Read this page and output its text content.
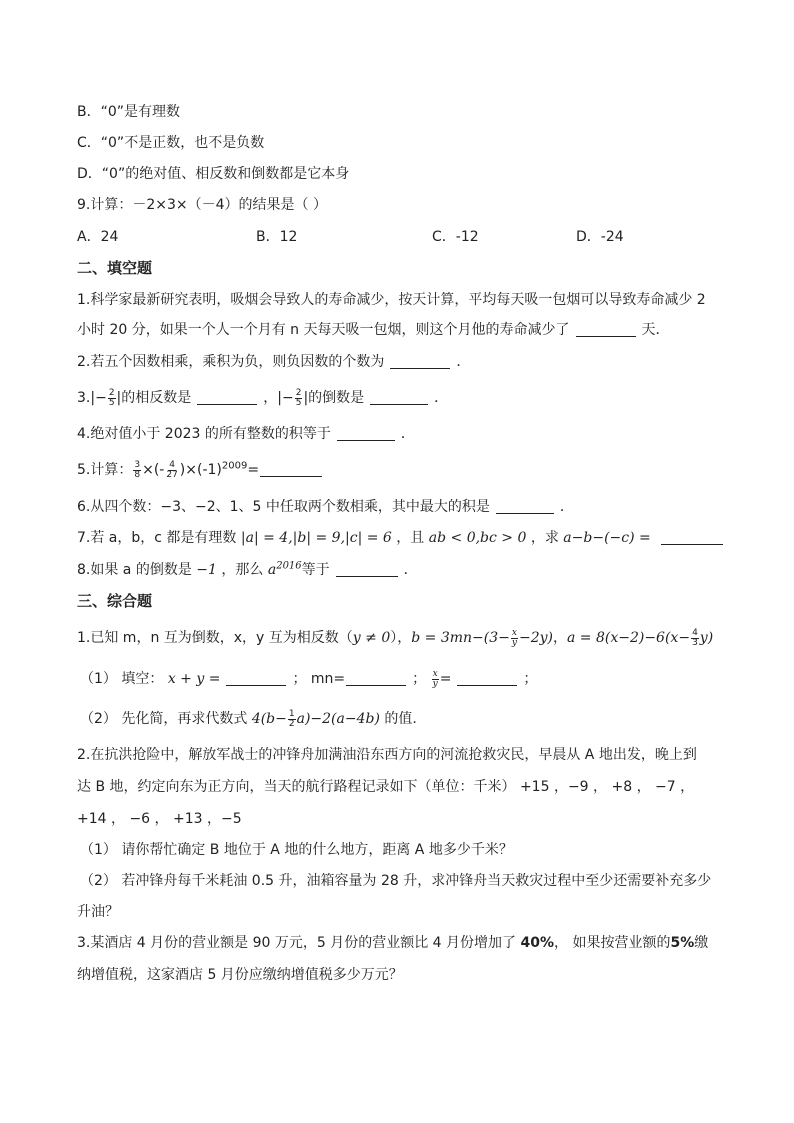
B．“0”是有理数
C．“0”不是正数，也不是负数
D．“0”的绝对值、相反数和倒数都是它本身
9.计算：－2×3×（－4）的结果是（ ）
A．24	B．12	C．-12	D．-24
二、填空题
1.科学家最新研究表明，吸烟会导致人的寿命减少，按天计算，平均每天吸一包烟可以导致寿命减少 2
小时 20 分，如果一个人一个月有 n 天每天吸一包烟，则这个月他的寿命减少了	天．
2.若五个因数相乘，乘积为负，则负因数的个数为	．
$3.|- \frac{2}{5}$ |的相反数是	，|− $\frac{2}{5}$ |的倒数是	．
4.绝对值小于 2023 的所有整数的积等于	．
5.计算： $\frac{3}{8}$ ×(- $\frac{4}{27} )\times(-1)^{2009}=$
6.从四个数：−3、−2、1、5 中任取两个数相乘，其中最大的积是	．
7.若 a，b，c 都是有理数 |a| = 4,|b| = 9,|c| = 6 ，且 ab < 0,bc > 0 ，求 a−b−(−c) =
8.如果 a 的倒数是 −1 ，那么 $a^{2016}$等于	．
三、综合题
1.已知 m，n 互为倒数，x，y 互为相反数（y ≠ 0），$b = 3mn-(3- \frac{x}{y} -2y)$，$a = 8(x-2)-6(x- \frac{4}{3} y)$
（1） 填空： x + y =	； mn=	； $\frac{x}{y}$ =	；
（2） 先化简，再求代数式 $4(b- \frac{1}{2} a)-2(a-4b)$ 的值.
2.在抗洪抢险中，解放军战士的冲锋舟加满油沿东西方向的河流抢救灾民，早晨从 A 地出发，晚上到
达 B 地，约定向东为正方向，当天的航行路程记录如下（单位：千米） +15 ，−9 ， +8 ， −7 ，
+14 ， −6 ， +13 ，−5
（1） 请你帮忙确定 B 地位于 A 地的什么地方，距离 A 地多少千米？
（2） 若冲锋舟每千米耗油 0.5 升，油箱容量为 28 升，求冲锋舟当天救灾过程中至少还需要补充多少
升油？
3.某酒店 4 月份的营业额是 90 万元，5 月份的营业额比 4 月份增加了 40%， 如果按营业额的5%缴
纳增值税，这家酒店 5 月份应缴纳增值税多少万元？
